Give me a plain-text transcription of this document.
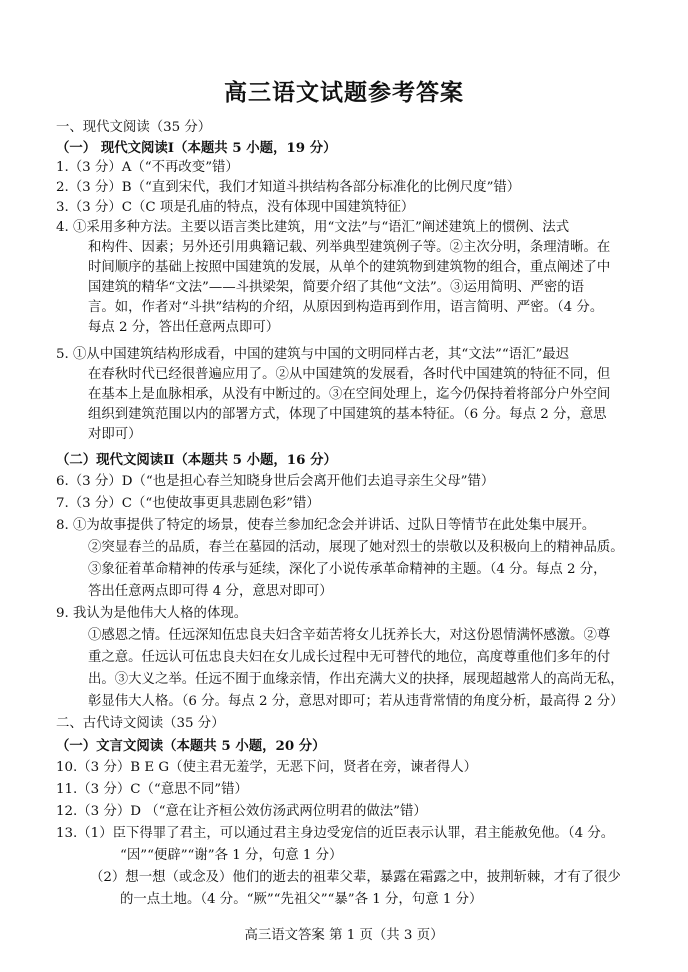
高三语文试题参考答案
一、现代文阅读（35 分）
（一） 现代文阅读Ⅰ（本题共 5 小题，19 分）
1.（3 分）A（“不再改变”错）
2.（3 分）B（“直到宋代，我们才知道斗拱结构各部分标准化的比例尺度”错）
3.（3 分）C（C 项是孔庙的特点，没有体现中国建筑特征）
4. ①采用多种方法。主要以语言类比建筑，用“文法”与“语汇”阐述建筑上的惯例、法式
和构件、因素；另外还引用典籍记载、列举典型建筑例子等。②主次分明，条理清晰。在
时间顺序的基础上按照中国建筑的发展，从单个的建筑物到建筑物的组合，重点阐述了中
国建筑的精华“文法”——斗拱梁架，简要介绍了其他“文法”。③运用简明、严密的语
言。如，作者对“斗拱”结构的介绍，从原因到构造再到作用，语言简明、严密。（4 分。
每点 2 分，答出任意两点即可）
5. ①从中国建筑结构形成看，中国的建筑与中国的文明同样古老，其“文法”“语汇”最迟
在春秋时代已经很普遍应用了。②从中国建筑的发展看，各时代中国建筑的特征不同，但
在基本上是血脉相承，从没有中断过的。③在空间处理上，迄今仍保持着将部分户外空间
组织到建筑范围以内的部署方式，体现了中国建筑的基本特征。（6 分。每点 2 分，意思
对即可）
（二）现代文阅读Ⅱ（本题共 5 小题，16 分）
6.（3 分）D（“也是担心春兰知晓身世后会离开他们去追寻亲生父母”错）
7.（3 分）C（“也使故事更具悲剧色彩”错）
8. ①为故事提供了特定的场景，使春兰参加纪念会并讲话、过队日等情节在此处集中展开。
②突显春兰的品质，春兰在墓园的活动，展现了她对烈士的崇敬以及积极向上的精神品质。
③象征着革命精神的传承与延续，深化了小说传承革命精神的主题。（4 分。每点 2 分，
答出任意两点即可得 4 分，意思对即可）
9. 我认为是他伟大人格的体现。
①感恩之情。任远深知伍忠良夫妇含辛茹苦将女儿抚养长大，对这份恩情满怀感激。②尊
重之意。任远认可伍忠良夫妇在女儿成长过程中无可替代的地位，高度尊重他们多年的付
出。③大义之举。任远不囿于血缘亲情，作出充满大义的抉择，展现超越常人的高尚无私，
彰显伟大人格。（6 分。每点 2 分，意思对即可；若从违背常情的角度分析，最高得 2 分）
二、古代诗文阅读（35 分）
（一）文言文阅读（本题共 5 小题，20 分）
10.（3 分）B E G（使主君无羞学，无恶下问，贤者在旁，谏者得人）
11.（3 分）C（“意思不同”错）
12.（3 分）D （“意在让齐桓公效仿汤武两位明君的做法”错）
13.（1）臣下得罪了君主，可以通过君主身边受宠信的近臣表示认罪，君主能赦免他。（4 分。
“因”“便辟”“谢”各 1 分，句意 1 分）
（2）想一想（或念及）他们的逝去的祖辈父辈，暴露在霜露之中，披荆斩棘，才有了很少
的一点土地。（4 分。“厥”“先祖父”“暴”各 1 分，句意 1 分）
高三语文答案 第 1 页（共 3 页）
